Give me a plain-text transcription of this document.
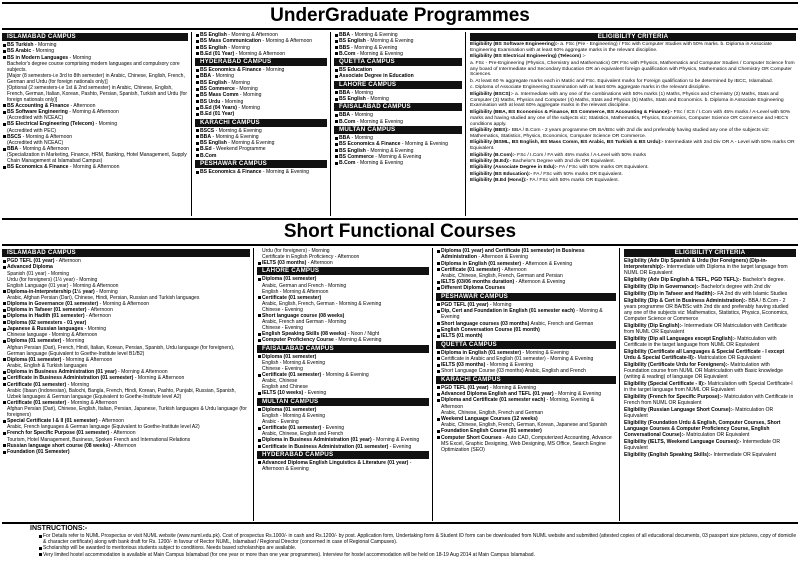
UnderGraduate Programmes
ISLAMABAD CAMPUS
BS Turkish - Morning
BS Arabic - Morning
BS in Modern Languages - Morning
Bachelor's degree course comprising modern languages and compulsory core subjects.
[Major (8 semesters-i.e 3rd to 8th semester) in Arabic, Chinese, English, French, German and Urdu (for foreign nationals only)]
[Optional (2 semesters-i.e 1st & 2nd semester) in Arabic, Chinese, English, French, German, Italian, Korean, Pashto, Persian, Spanish, Turkish and Urdu (for foreign nationals only)]
BS Accounting & Finance - Afternoon
BS Software Engineering - Morning & Afternoon
(Accredited with NCEAC)
BS Electrical Engineering (Telecom) - Morning
(Accredited with PEC)
BSCS - Morning & Afternoon
(Accredited with NCEAC)
BBA - Morning & Afternoon
(Specialization in Marketing, Finance, HRM, Banking, Hotel Management, Supply Chain Management at Islamabad Campus)
BS Economics & Finance - Morning & Afternoon
BS English - Morning & Afternoon
BS Mass Communication - Morning & Afternoon
BS English - Morning
B.Ed (01 Year) - Morning & Afternoon
HYDERABAD CAMPUS
BS Economics & Finance - Morning
BBA - Morning
BS English - Morning
BS Commerce - Morning
BS Mass Comm - Morning
BS Urdu - Morning
B.Ed (04 Years) - Morning
B.Ed (01 Year)
KARACHI CAMPUS
BSCS - Morning & Evening
BBA - Morning & Evening
BS English - Morning & Evening
B.Ed - Weekend Programme
B.Com
PESHAWAR CAMPUS
BS Economics & Finance - Morning & Evening
BBA - Morning & Evening
BS English - Morning & Evening
BBS - Morning & Evening
B.Com - Morning & Evening
QUETTA CAMPUS
BS Education
Associate Degree in Education
LAHORE CAMPUS
BBA - Morning
BS English - Morning
FAISALABAD CAMPUS
BBA - Morning
B.Com - Morning & Evening
MULTAN CAMPUS
BBA - Morning
BS Economics & Finance - Morning & Evening
BS English - Morning & Evening
BS Commerce - Morning & Evening
B.Com - Morning & Evening
ELIGIBILITY CRITERIA
Eligibility (BS Software Engineering):- a. FSc (Pre - Engineering) / FSc with Computer Studies with 50% marks. b. Diploma in Associate Engineering Examination with at least 60% aggregate marks in the relevant discipline.
Eligibility (BS Electrical Engineering) (Telecom) :-
a. FSc - Pre-Engineering (Physics, Chemistry and Mathematics) OR FSc with Physics, Mathematics and Computer Studies / Computer Science from any board of Intermediate and Secondary Education OR an equivalent foreign qualification with Physics, Mathematics and Chemistry OR Computer Sciences.
b. At least 60 % aggregate marks each in Matric and FSc. Equivalent marks for Foreign qualification to be determined by IBCC, Islamabad.
c. Diploma of Associate Engineering Examination with at least 60% aggregate marks in the relevant discipline.
Eligibility (BSCS):- a. Intermediate with any one of the combinations with 50% marks (1) Maths, Physics and Chemistry (2) Maths, Stats and Computer (3) Maths, Physics and Computer (4) Maths, Stats and Physics (5) Maths, Stats and Economics. b. Diploma in Associate Engineering Examination with at least 60% aggregate marks in the relevant discipline.
Eligibility (BBA, BS Economics & Finance, BS Commerce, BS Accounting & Finance):- FSc / ICS / I.Com with 45% marks / A-Level with 50% marks and having studied any one of the subjects viz; Statistics, Mathematics, Physics, Economics, Computer Science OR Commerce and HEC's conditions apply.
Eligibility (BBS):- BBA / B.Com - 2 years programme OR BA/BSc with 2nd div and preferably having studied any one of the subjects viz: Mathematics, Statistics, Physics, Economics, Computer Science OR Commerce.
Eligibility (BSML, BS English, BS Mass Comm, BS Arabic, BS Turkish & BS Urdu):- Intermediate with 2nd Div OR A - Level with 50% marks OR Equivalent.
Eligibility (B.Com):- FSc / I.Com / FA with 45% marks / A-Level with 50% marks
Eligibility (B.Ed):- Bachelor's Degree with 2nd div OR Equivalent.
Eligibility (Associate Degree in Edu):- FA / FSc with 50% marks OR Equivalent.
Eligibility (BS Education):- FA / FSc with 50% marks OR Equivalent.
Eligibility (B.Ed (Hons)):- FA / FSc with 50% marks OR Equivalent.
Short Functional Courses
ISLAMABAD CAMPUS
PGD TEFL (01 year) - Afternoon
Advanced Diploma
Spanish (01 year) - Morning
Urdu (for foreigners) (1½ year) - Morning
English Language (01 year) - Morning & Afternoon
Diploma-in-Interpretership (1½ year) - Morning
Arabic, Afghan Persian (Dari), Chinese, Hindi, Persian, Russian and Turkish languages
Diploma in Governance (01 semester) - Morning & Afternoon
Diploma in Tafseer (01 semester) - Afternoon
Diploma in Hadith (01 semester) - Afternoon
Diploma (02 semesters - 01 year)
Japanese & Russian languages - Morning
Chinese language - Morning & Afternoon
Diploma (01 semester) - Morning
Afghan Persian (Dari), French, Hindi, Italian, Korean, Persian, Spanish, Urdu language (for foreigners), German language (Equivalent to Goethe-Institute level B1/B2)
Diploma (01 semester) - Morning & Afternoon
Arabic, English & Turkish languages
Diploma in Business Administration (01 year) - Morning & Afternoon
Certificate in Business Administration (01 semester) - Morning & Afternoon
Certificate (01 semester) - Morning
Arabic (Ibaan (Indonesian), Balochi, Bangla, French, Hindi, Korean, Pashto, Punjabi, Russian, Spanish, Uzbek languages & German language (Equivalent to Goethe-Institute level A2)
Certificate (01 semester) - Morning & Afternoon
Afghan Persian (Dari), Chinese, English, Italian, Persian, Japanese, Turkish languages & Urdu language (for foreigners)
Special Certificate I & II (01 semester) - Afternoon
Arabic, French languages & German language (Equivalent to Goethe-Institute level A2)
French for Specific Purpose (01 semester) - Afternoon
Tourism, Hotel Management, Business, Spoken French and International Relations
Russian language short course (08 weeks) - Afternoon
Foundation (01 Semester)
Urdu (for foreigners) - Morning
Certificate in English Proficiency - Afternoon
IELTS (03 months) - Afternoon
LAHORE CAMPUS
Diploma (01 semester)
Arabic, German and French - Morning
English - Morning & Afternoon
Certificate (01 semester)
Arabic, English, French, German - Morning & Evening
Chinese - Evening
Short language course (08 weeks)
Arabic, French and German - Morning
Chinese - Evening
English Speaking Skills (08 weeks) - Noon / Night
Computer Proficiency Course - Morning & Evening
FAISALABAD CAMPUS
Diploma (01 semester)
English - Morning & Evening
Chinese - Evening
Certificate (01 semester) - Morning & Evening
Arabic, Chinese
English and Chinese
IELTS (10 weeks) - Evening
MULTAN CAMPUS
Diploma (01 semester)
English - Morning & Evening
Arabic - Evening
Certificate (01 semester) - Evening
Arabic, Chinese, English and French
Diploma in Business Administration (01 year) - Morning & Evening
Certificate in Business Administration (01 semester) - Evening
HYDERABAD CAMPUS
Advanced Diploma English Linguistics & Literature (01 year) - Afternoon & Evening
Diploma (01 year) and Certificate (01 semester) in Business Administration - Afternoon & Evening
Diploma in English (01 semester) - Afternoon & Evening
Certificate (01 semester) - Afternoon
Arabic, Chinese, English, French, German and Persian
IELTS (03/06 months duration) - Afternoon & Evening
Different Diploma Courses
PESHAWAR CAMPUS
PGD TEFL (01 year) - Morning
Dip, Cert and Foundation in English (01 semester each) - Morning & Evening
Short language courses (03 months) Arabic, French and German
English Conversation Course (01 month)
IELTS (01 month)
QUETTA CAMPUS
Diploma in English (01 semester) - Morning & Evening
Certificate in Arabic and English (01 semester) - Morning & Evening
IELTS (03 months) - Morning & Evening
Short Language Course (03 months) Arabic, English and French
KARACHI CAMPUS
PGD TEFL (01 year) - Morning & Evening
Advanced Diploma English and TEFL (01 year) - Morning & Evening
Diploma and Certificate (01 semester each) - Morning, Evening & Afternoon
Arabic, Chinese, English, French and German
Weekend Language Courses (12 weeks)
Arabic, Chinese, English, French, German, Korean, Japanese and Spanish
Foundation English Course (01 semester)
Computer Short Courses - Auto CAD, Computerized Accounting, Advance MS Excel, Graphic Designing, Web Designing, MS Office, Search Engine Optimization (SEO)
ELIGIBILITY CRITERIA
Eligibility (Adv Dip Spanish & Urdu (for Foreigners) (Dip-in-Interpretership):- Intermediate with Diploma in the target language from NUML OR Equivalent
Eligibility (Adv Dip English & TEFL, PGD TEFL):- Bachelor's degree.
Eligibility (Dip in Governance):- Bachelor's degree with 2nd div
Eligibility (Dip in Tafseer and Hadith):- FA 2nd div with Islamic Studies
Eligibility (Dip & Cert in Business Administration):- BBA / B.Com - 2 years programme OR BA/BSc with 2nd div and preferably having studied any one of the subjects viz: Mathematics, Statistics, Physics, Economics, Computer Science or Commerce
Eligibility (Dip English):- Intermediate OR Matriculation with Certificate from NUML OR Equivalent
Eligibility (Dip all Languages except English):- Matriculation with Certificate in the target language from NUML OR Equivalent
Eligibility (Certificate all Languages & Special Certificate - I except Urdu & Special Certificate-II):- Matriculation OR Equivalent
Eligibility (Certificate Urdu for Foreigners):- Matriculation with Foundation course from NUML OR Matriculation with Basic knowledge (writing & reading) of language OR Equivalent
Eligibility (Special Certificate - II):- Matriculation with Special Certificate-I in the target language from NUML OR Equivalent
Eligibility (French for Specific Purpose):- Matriculation with Certificate in French from NUML OR Equivalent
Eligibility (Russian Language Short Course):- Matriculation OR Equivalent
Eligibility (Foundation Urdu & English, Computer Courses, Short Language Courses & Computer Proficiency Course, English Conversational Course):- Matriculation OR Equivalent
Eligibility (IELTS, Weekend Language Courses):- Intermediate OR Equivalent
Eligibility (English Speaking Skills):- Intermediate OR Equivalent
INSTRUCTIONS:-
For Details refer to NUML Prospectus or visit NUML website (www.numl.edu.pk). Cost of prospectus Rs.1000/- in cash and Rs.1200/- by post. Application form, Undertaking form & Student ID form can be downloaded from NUML website and submitted (attested copies of all educational documents, 03 passport size pictures, copy of domicile & character certificate) along with bank draft for Rs. 1200/- in favour of Rector NUML, Islamabad / Regional Director (concerned in case of Regional Campuses).
Scholarship will be awarded to meritorious students subject to conditions. Needs based scholarships are available.
Very limited hostel accommodation is available at Main Campus Islamabad (for one year or more than one year programmes). Interview for hostel accommodation will be held on 18-19 Aug 2014 at Main Campus Islamabad.
